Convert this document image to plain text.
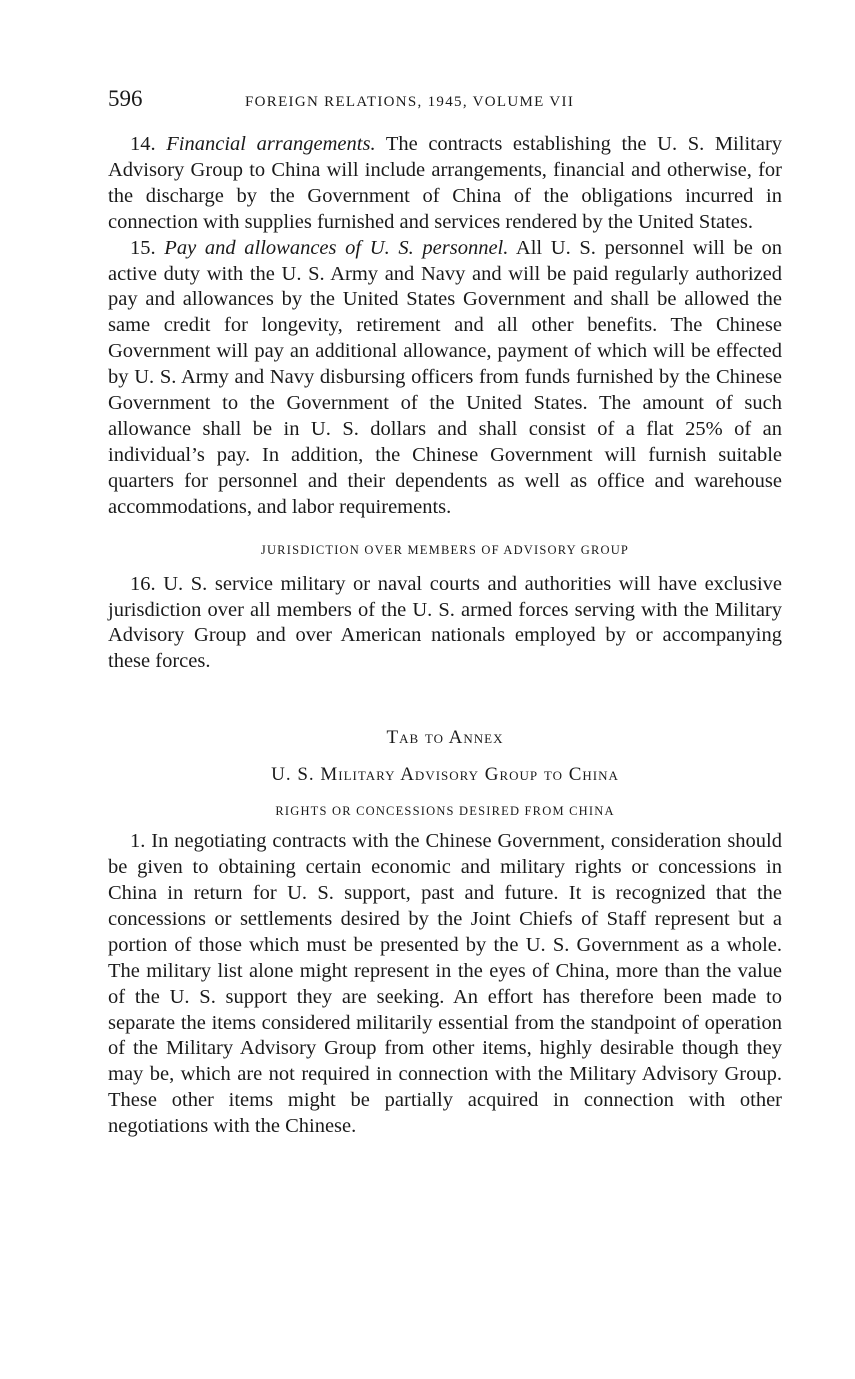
596	FOREIGN RELATIONS, 1945, VOLUME VII

14. Financial arrangements. The contracts establishing the U. S. Military Advisory Group to China will include arrangements, financial and otherwise, for the discharge by the Government of China of the obligations incurred in connection with supplies furnished and services rendered by the United States.

15. Pay and allowances of U. S. personnel. All U. S. personnel will be on active duty with the U. S. Army and Navy and will be paid regularly authorized pay and allowances by the United States Government and shall be allowed the same credit for longevity, retirement and all other benefits. The Chinese Government will pay an additional allowance, payment of which will be effected by U. S. Army and Navy disbursing officers from funds furnished by the Chinese Government to the Government of the United States. The amount of such allowance shall be in U. S. dollars and shall consist of a flat 25% of an individual’s pay. In addition, the Chinese Government will furnish suitable quarters for personnel and their dependents as well as office and warehouse accommodations, and labor requirements.

JURISDICTION OVER MEMBERS OF ADVISORY GROUP

16. U. S. service military or naval courts and authorities will have exclusive jurisdiction over all members of the U. S. armed forces serving with the Military Advisory Group and over American nationals employed by or accompanying these forces.

Tab to Annex
U. S. Military Advisory Group to China
RIGHTS OR CONCESSIONS DESIRED FROM CHINA

1. In negotiating contracts with the Chinese Government, consideration should be given to obtaining certain economic and military rights or concessions in China in return for U. S. support, past and future. It is recognized that the concessions or settlements desired by the Joint Chiefs of Staff represent but a portion of those which must be presented by the U. S. Government as a whole. The military list alone might represent in the eyes of China, more than the value of the U. S. support they are seeking. An effort has therefore been made to separate the items considered militarily essential from the standpoint of operation of the Military Advisory Group from other items, highly desirable though they may be, which are not required in connection with the Military Advisory Group. These other items might be partially acquired in connection with other negotiations with the Chinese.
